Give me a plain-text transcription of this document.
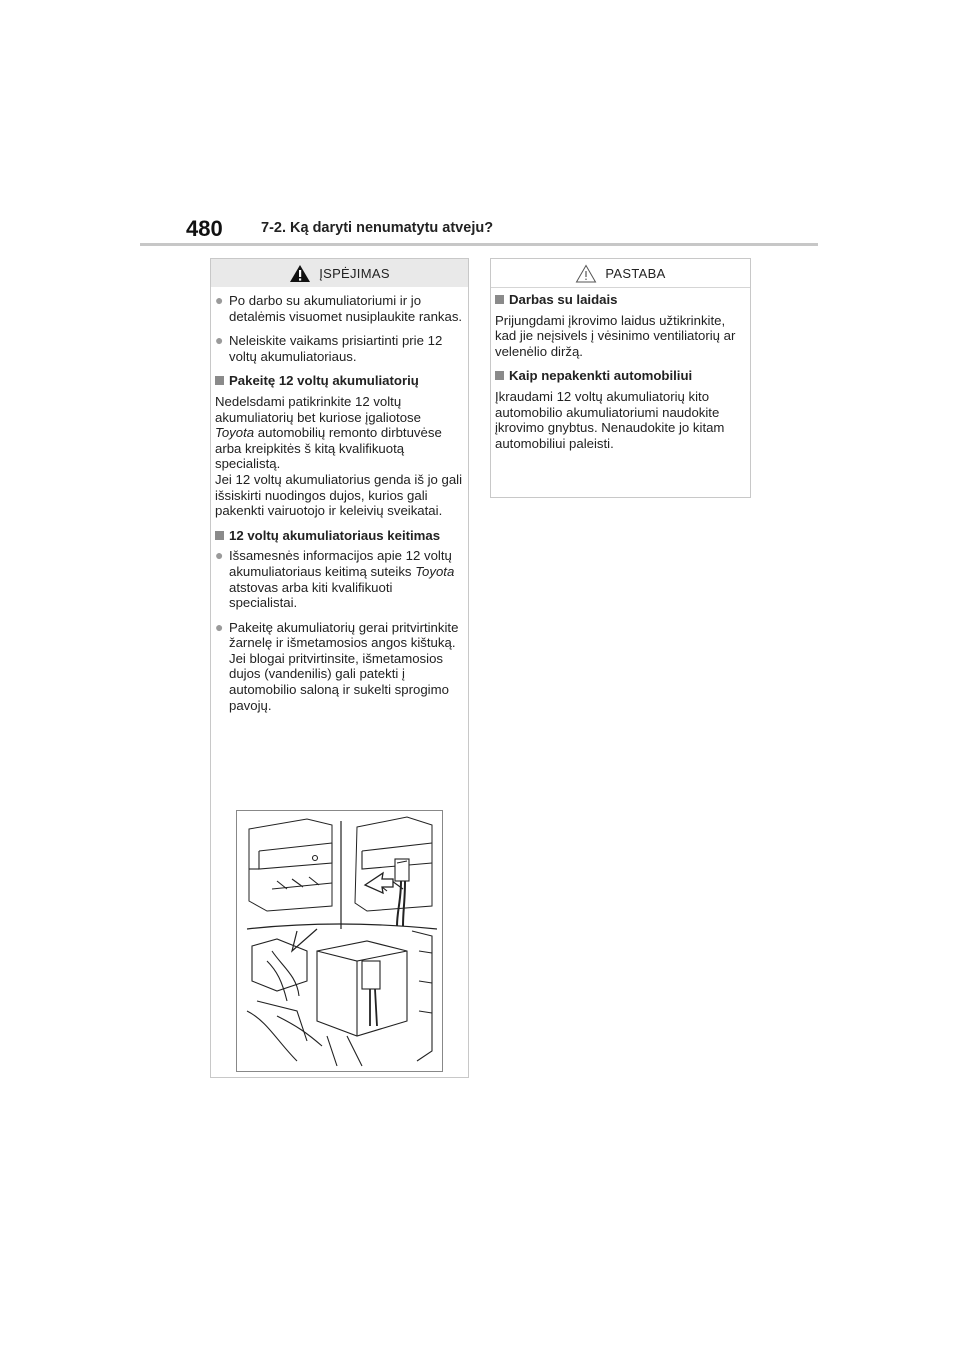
480	7-2. Ką daryti nenumatytu atveju?
ĮSPĖJIMAS
● Po darbo su akumuliatoriumi ir jo detalėmis visuomet nusiplaukite rankas.
● Neleiskite vaikams prisiartinti prie 12 voltų akumuliatoriaus.
Pakeitę 12 voltų akumuliatorių
Nedelsdami patikrinkite 12 voltų akumuliatorių bet kuriose įgaliotose Toyota automobilių remonto dirbtuvėse arba kreipkitės š kitą kvalifikuotą specialistą.
Jei 12 voltų akumuliatorius genda iš jo gali išsiskirti nuodingos dujos, kurios gali pakenkti vairuotojo ir keleivių sveikatai.
12 voltų akumuliatoriaus keitimas
● Išsamesnės informacijos apie 12 voltų akumuliatoriaus keitimą suteiks Toyota atstovas arba kiti kvalifikuoti specialistai.
● Pakeitę akumuliatorių gerai pritvirtinkite žarnelę ir išmetamosios angos kištuką. Jei blogai pritvirtinsite, išmetamosios dujos (vandenilis) gali patekti į automobilio saloną ir sukelti sprogimo pavojų.
PASTABA
Darbas su laidais
Prijungdami įkrovimo laidus užtikrinkite, kad jie neįsivels į vėsinimo ventiliatorių ar velenėlio diržą.
Kaip nepakenkti automobiliui
Įkraudami 12 voltų akumuliatorių kito automobilio akumuliatoriumi naudokite įkrovimo gnybtus. Nenaudokite jo kitam automobiliui paleisti.
